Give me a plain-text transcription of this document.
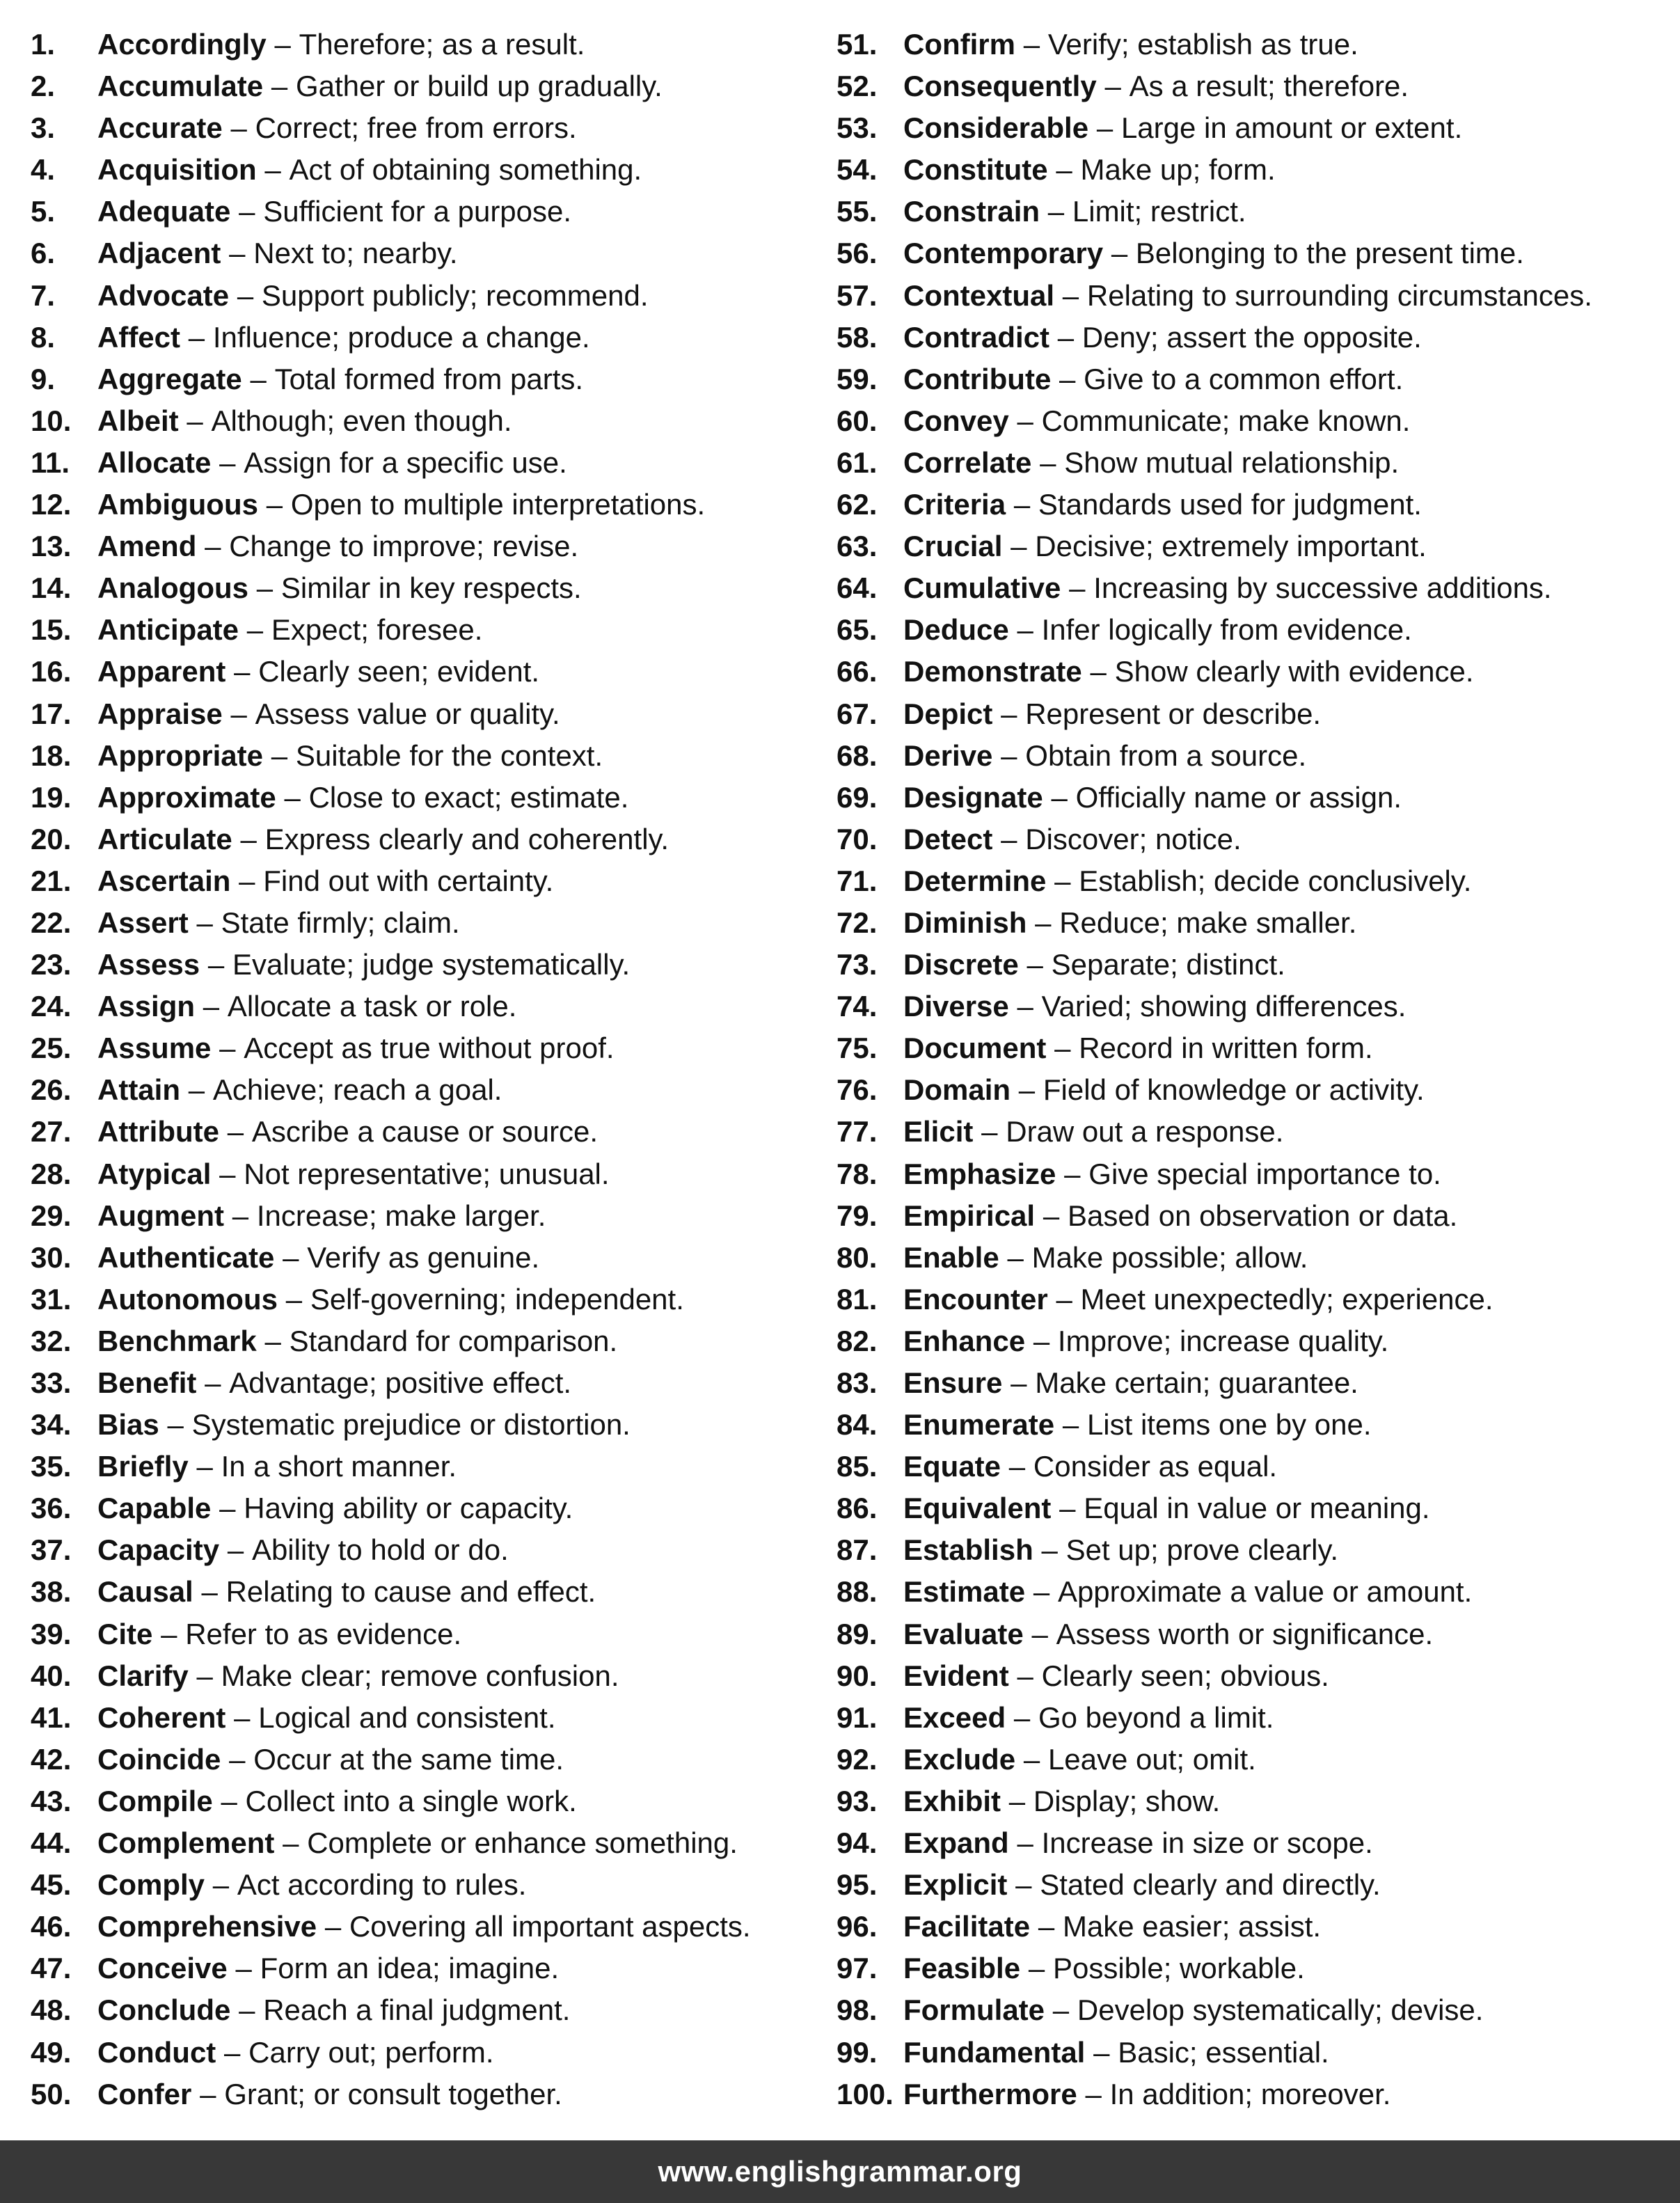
1.	Accordingly – Therefore; as a result.
2.	Accumulate – Gather or build up gradually.
3.	Accurate – Correct; free from errors.
4.	Acquisition – Act of obtaining something.
5.	Adequate – Sufficient for a purpose.
6.	Adjacent – Next to; nearby.
7.	Advocate – Support publicly; recommend.
8.	Affect – Influence; produce a change.
9.	Aggregate – Total formed from parts.
10. Albeit – Although; even though.
11. Allocate – Assign for a specific use.
12. Ambiguous – Open to multiple interpretations.
13. Amend – Change to improve; revise.
14. Analogous – Similar in key respects.
15. Anticipate – Expect; foresee.
16. Apparent – Clearly seen; evident.
17. Appraise – Assess value or quality.
18. Appropriate – Suitable for the context.
19. Approximate – Close to exact; estimate.
20. Articulate – Express clearly and coherently.
21. Ascertain – Find out with certainty.
22. Assert – State firmly; claim.
23. Assess – Evaluate; judge systematically.
24. Assign – Allocate a task or role.
25. Assume – Accept as true without proof.
26. Attain – Achieve; reach a goal.
27. Attribute – Ascribe a cause or source.
28. Atypical – Not representative; unusual.
29. Augment – Increase; make larger.
30. Authenticate – Verify as genuine.
31. Autonomous – Self-governing; independent.
32. Benchmark – Standard for comparison.
33. Benefit – Advantage; positive effect.
34. Bias – Systematic prejudice or distortion.
35. Briefly – In a short manner.
36. Capable – Having ability or capacity.
37. Capacity – Ability to hold or do.
38. Causal – Relating to cause and effect.
39. Cite – Refer to as evidence.
40. Clarify – Make clear; remove confusion.
41. Coherent – Logical and consistent.
42. Coincide – Occur at the same time.
43. Compile – Collect into a single work.
44. Complement – Complete or enhance something.
45. Comply – Act according to rules.
46. Comprehensive – Covering all important aspects.
47. Conceive – Form an idea; imagine.
48. Conclude – Reach a final judgment.
49. Conduct – Carry out; perform.
50. Confer – Grant; or consult together.
51. Confirm – Verify; establish as true.
52. Consequently – As a result; therefore.
53. Considerable – Large in amount or extent.
54. Constitute – Make up; form.
55. Constrain – Limit; restrict.
56. Contemporary – Belonging to the present time.
57. Contextual – Relating to surrounding circumstances.
58. Contradict – Deny; assert the opposite.
59. Contribute – Give to a common effort.
60. Convey – Communicate; make known.
61. Correlate – Show mutual relationship.
62. Criteria – Standards used for judgment.
63. Crucial – Decisive; extremely important.
64. Cumulative – Increasing by successive additions.
65. Deduce – Infer logically from evidence.
66. Demonstrate – Show clearly with evidence.
67. Depict – Represent or describe.
68. Derive – Obtain from a source.
69. Designate – Officially name or assign.
70. Detect – Discover; notice.
71. Determine – Establish; decide conclusively.
72. Diminish – Reduce; make smaller.
73. Discrete – Separate; distinct.
74. Diverse – Varied; showing differences.
75. Document – Record in written form.
76. Domain – Field of knowledge or activity.
77. Elicit – Draw out a response.
78. Emphasize – Give special importance to.
79. Empirical – Based on observation or data.
80. Enable – Make possible; allow.
81. Encounter – Meet unexpectedly; experience.
82. Enhance – Improve; increase quality.
83. Ensure – Make certain; guarantee.
84. Enumerate – List items one by one.
85. Equate – Consider as equal.
86. Equivalent – Equal in value or meaning.
87. Establish – Set up; prove clearly.
88. Estimate – Approximate a value or amount.
89. Evaluate – Assess worth or significance.
90. Evident – Clearly seen; obvious.
91. Exceed – Go beyond a limit.
92. Exclude – Leave out; omit.
93. Exhibit – Display; show.
94. Expand – Increase in size or scope.
95. Explicit – Stated clearly and directly.
96. Facilitate – Make easier; assist.
97. Feasible – Possible; workable.
98. Formulate – Develop systematically; devise.
99. Fundamental – Basic; essential.
100. Furthermore – In addition; moreover.
www.englishgrammar.org
